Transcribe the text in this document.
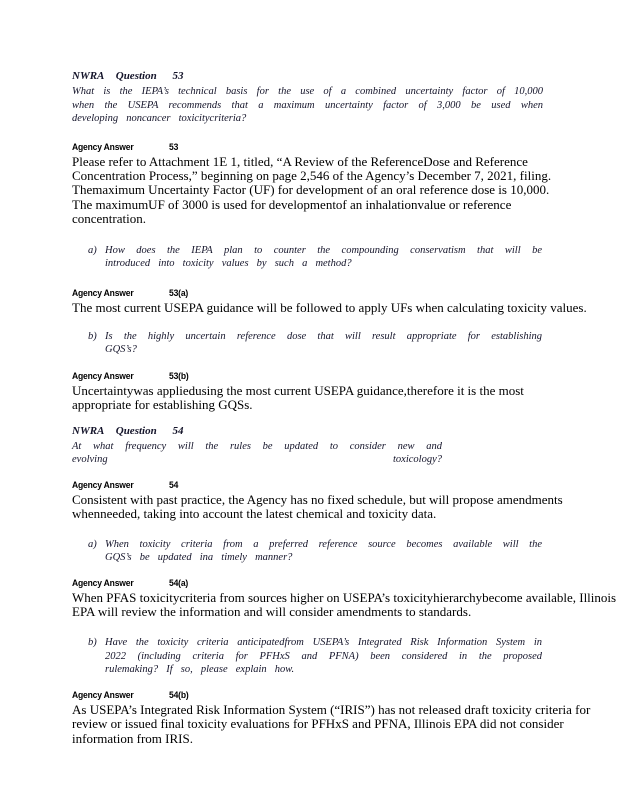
NWRA Question 53
What is the IEPA’s technical basis for the use of a combined uncertainty factor of 10,000 when the USEPA recommends that a maximum uncertainty factor of 3,000 be used when developing noncancer toxicitycriteria?
Agency Answer	53
Please refer to Attachment 1E 1, titled, “A Review of the ReferenceDose and Reference Concentration Process,” beginning on page 2,546 of the Agency’s December 7, 2021, filing. Themaximum Uncertainty Factor (UF) for development of an oral reference dose is 10,000. The maximumUF of 3000 is used for developmentof an inhalationvalue or reference concentration.
a) How does the IEPA plan to counter the compounding conservatism that will be introduced into toxicity values by such a method?
Agency Answer	53(a)
The most current USEPA guidance will be followed to apply UFs when calculating toxicity values.
b) Is the highly uncertain reference dose that will result appropriate for establishing GQS’s?
Agency Answer	53(b)
Uncertaintywas appliedusing the most current USEPA guidance,therefore it is the most appropriate for establishing GQSs.
NWRA Question 54
At what frequency will the rules be updated to consider new and evolving toxicology?
Agency Answer	54
Consistent with past practice, the Agency has no fixed schedule, but will propose amendments whenneeded, taking into account the latest chemical and toxicity data.
a) When toxicity criteria from a preferred reference source becomes available will the GQS’s be updated ina timely manner?
Agency Answer	54(a)
When PFAS toxicitycriteria from sources higher on USEPA’s toxicityhierarchybecome available, Illinois EPA will review the information and will consider amendments to standards.
b) Have the toxicity criteria anticipatedfrom USEPA’s Integrated Risk Information System in 2022 (including criteria for PFHxS and PFNA) been considered in the proposed rulemaking? If so, please explain how.
Agency Answer	54(b)
As USEPA’s Integrated Risk Information System (“IRIS”) has not released draft toxicity criteria for review or issued final toxicity evaluations for PFHxS and PFNA, Illinois EPA did not consider information from IRIS.
